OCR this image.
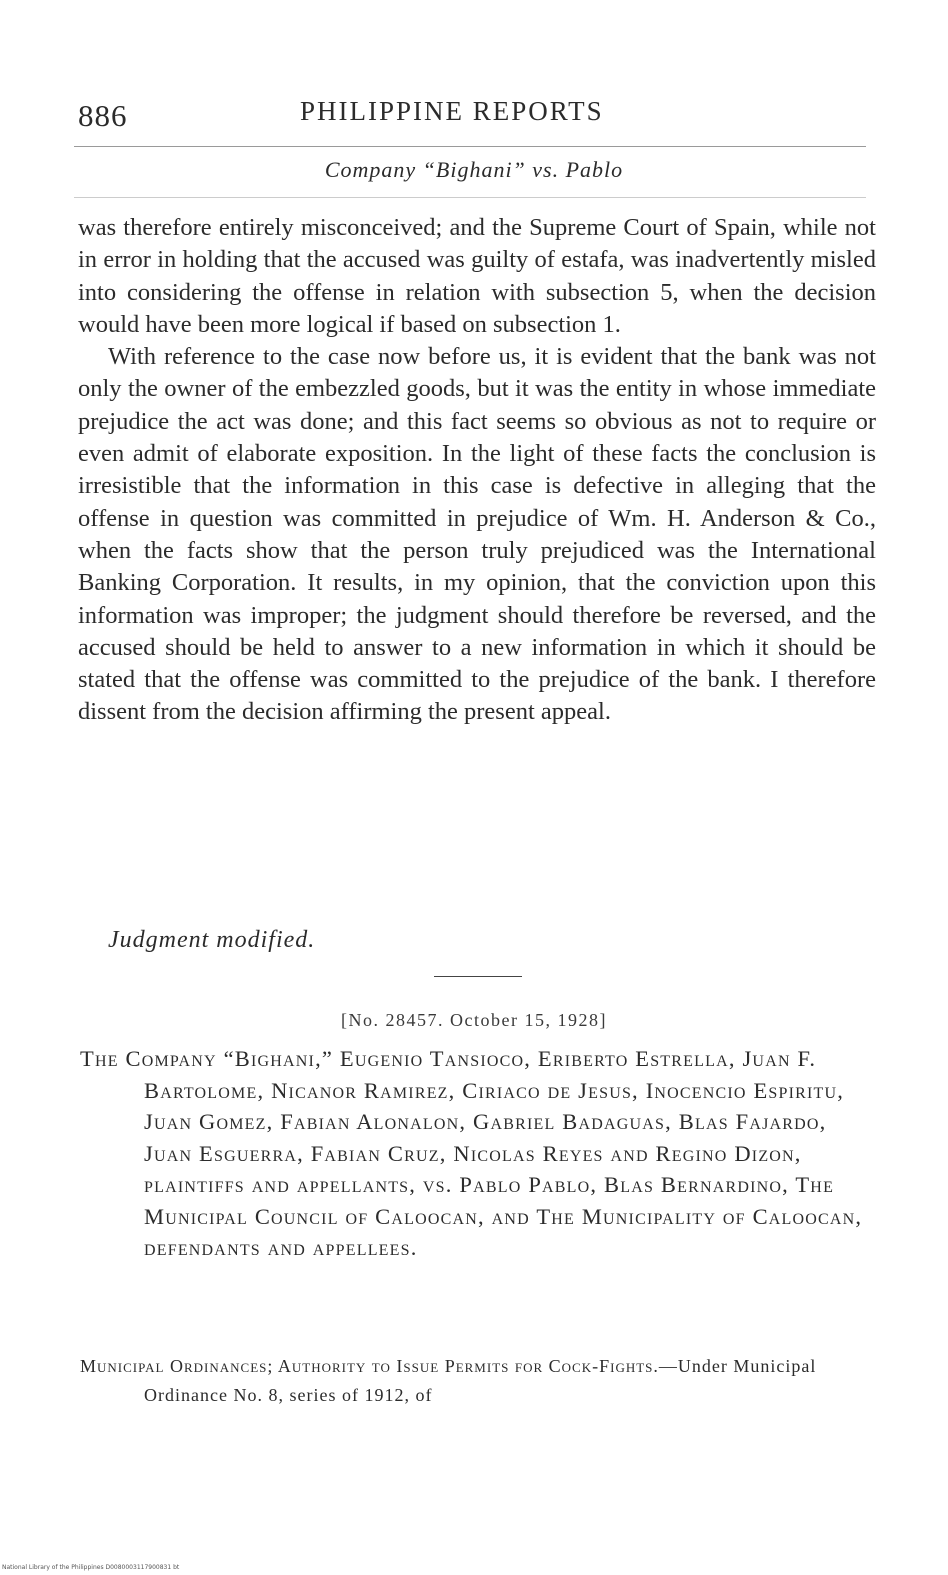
886	PHILIPPINE REPORTS
Company “Bighani” vs. Pablo

was therefore entirely misconceived; and the Supreme Court of Spain, while not in error in holding that the accused was guilty of estafa, was inadvertently misled into considering the offense in relation with subsection 5, when the decision would have been more logical if based on subsection 1.

With reference to the case now before us, it is evident that the bank was not only the owner of the embezzled goods, but it was the entity in whose immediate prejudice the act was done; and this fact seems so obvious as not to require or even admit of elaborate exposition. In the light of these facts the conclusion is irresistible that the information in this case is defective in alleging that the offense in question was committed in prejudice of Wm. H. Anderson & Co., when the facts show that the person truly prejudiced was the International Banking Corporation. It results, in my opinion, that the conviction upon this information was improper; the judgment should therefore be reversed, and the accused should be held to answer to a new information in which it should be stated that the offense was committed to the prejudice of the bank. I therefore dissent from the decision affirming the present appeal.

Judgment modified.
[No. 28457. October 15, 1928]
The Company “Bighani,” Eugenio Tansioco, Eriberto Estrella, Juan F. Bartolome, Nicanor Ramirez, Ciriaco de Jesus, Inocencio Espiritu, Juan Gomez, Fabian Alonalon, Gabriel Badaguas, Blas Fajardo, Juan Esguerra, Fabian Cruz, Nicolas Reyes and Regino Dizon, plaintiffs and appellants, vs. Pablo Pablo, Blas Bernardino, The Municipal Council of Caloocan, and The Municipality of Caloocan, defendants and appellees.
Municipal Ordinances; Authority to Issue Permits for Cock-Fights.—Under Municipal Ordinance No. 8, series of 1912, of
National Library of the Philippines D0080003117900831 bt
